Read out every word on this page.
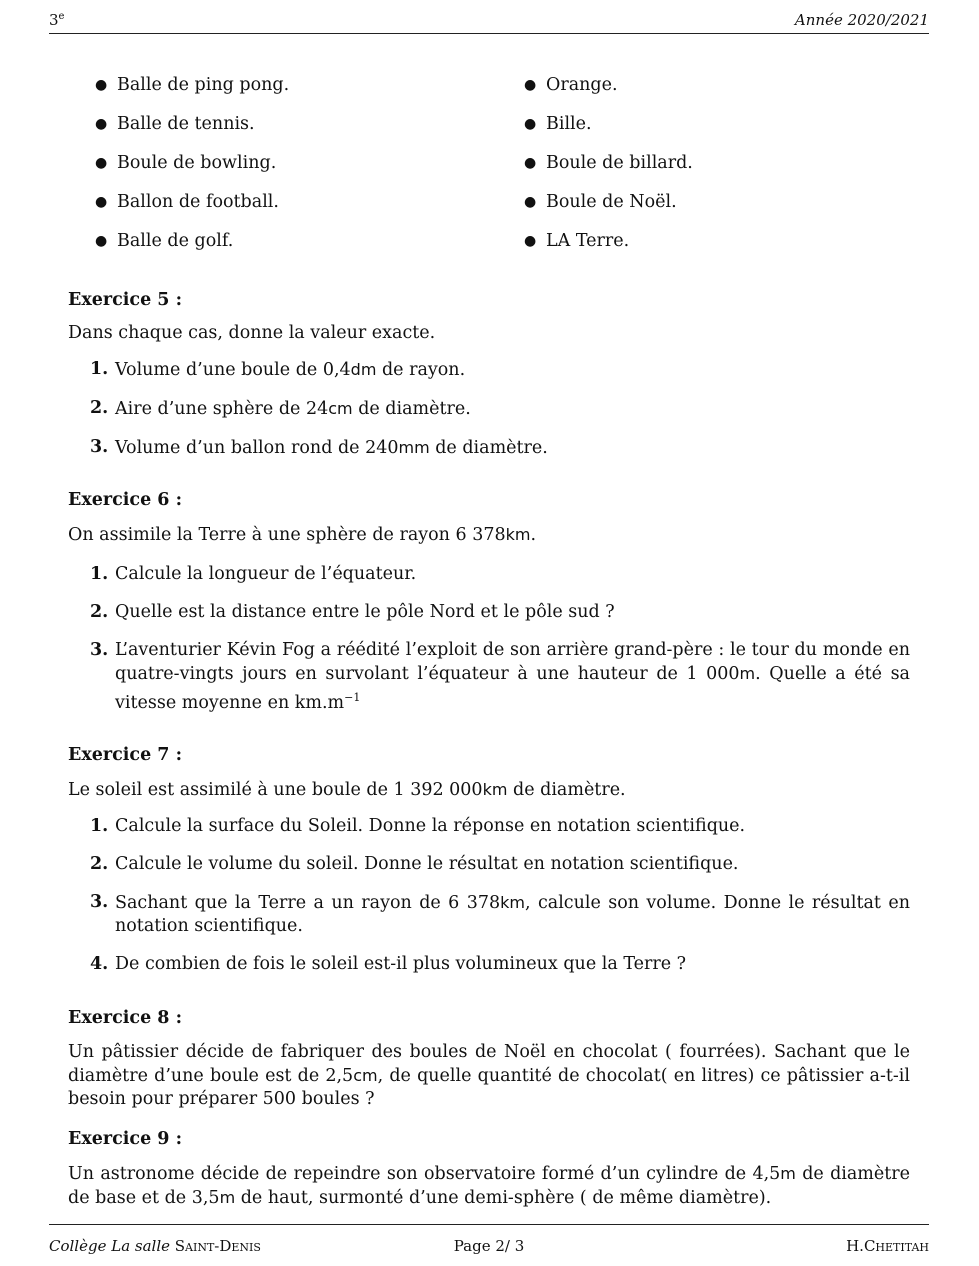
3e	Année 2020/2021
● Balle de ping pong.
● Balle de tennis.
● Boule de bowling.
● Ballon de football.
● Balle de golf.
● Orange.
● Bille.
● Boule de billard.
● Boule de Noël.
● LA Terre.
Exercice 5 :
Dans chaque cas, donne la valeur exacte.
1. Volume d’une boule de 0,4dm de rayon.
2. Aire d’une sphère de 24cm de diamètre.
3. Volume d’un ballon rond de 240mm de diamètre.
Exercice 6 :
On assimile la Terre à une sphère de rayon 6 378km.
1. Calcule la longueur de l’équateur.
2. Quelle est la distance entre le pôle Nord et le pôle sud ?
3. L’aventurier Kévin Fog a réédité l’exploit de son arrière grand-père : le tour du monde en quatre-vingts jours en survolant l’équateur à une hauteur de 1 000m. Quelle a été sa vitesse moyenne en $km.m^{-1}$
Exercice 7 :
Le soleil est assimilé à une boule de 1 392 000km de diamètre.
1. Calcule la surface du Soleil. Donne la réponse en notation scientifique.
2. Calcule le volume du soleil. Donne le résultat en notation scientifique.
3. Sachant que la Terre a un rayon de 6 378km, calcule son volume. Donne le résultat en notation scientifique.
4. De combien de fois le soleil est-il plus volumineux que la Terre ?
Exercice 8 :
Un pâtissier décide de fabriquer des boules de Noël en chocolat ( fourrées). Sachant que le diamètre d’une boule est de 2,5cm, de quelle quantité de chocolat( en litres) ce pâtissier a-t-il besoin pour préparer 500 boules ?
Exercice 9 :
Un astronome décide de repeindre son observatoire formé d’un cylindre de 4,5m de diamètre de base et de 3,5m de haut, surmonté d’une demi-sphère ( de même diamètre).
Collège La salle Saint-Denis	Page 2/ 3	H.Chetitah
